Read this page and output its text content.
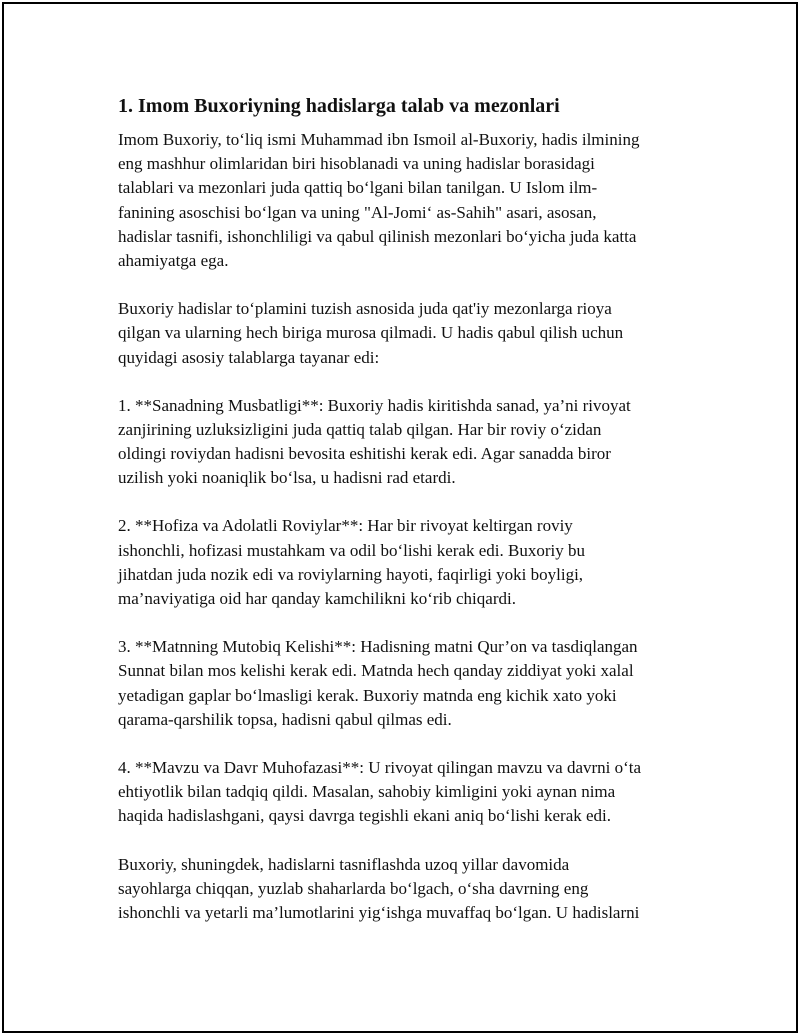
1. Imom Buxoriyning hadislarga talab va mezonlari
Imom Buxoriy, to‘liq ismi Muhammad ibn Ismoil al-Buxoriy, hadis ilmining
eng mashhur olimlaridan biri hisoblanadi va uning hadislar borasidagi
talablari va mezonlari juda qattiq bo‘lgani bilan tanilgan. U Islom ilm-
fanining asoschisi bo‘lgan va uning "Al-Jomi‘ as-Sahih" asari, asosan,
hadislar tasnifi, ishonchliligi va qabul qilinish mezonlari bo‘yicha juda katta
ahamiyatga ega.
Buxoriy hadislar to‘plamini tuzish asnosida juda qat'iy mezonlarga rioya
qilgan va ularning hech biriga murosa qilmadi. U hadis qabul qilish uchun
quyidagi asosiy talablarga tayanar edi:
1. **Sanadning Musbatligi**: Buxoriy hadis kiritishda sanad, ya’ni rivoyat
zanjirining uzluksizligini juda qattiq talab qilgan. Har bir roviy o‘zidan
oldingi roviydan hadisni bevosita eshitishi kerak edi. Agar sanadda biror
uzilish yoki noaniqlik bo‘lsa, u hadisni rad etardi.
2. **Hofiza va Adolatli Roviylar**: Har bir rivoyat keltirgan roviy
ishonchli, hofizasi mustahkam va odil bo‘lishi kerak edi. Buxoriy bu
jihatdan juda nozik edi va roviylarning hayoti, faqirligi yoki boyligi,
ma’naviyatiga oid har qanday kamchilikni ko‘rib chiqardi.
3. **Matnning Mutobiq Kelishi**: Hadisning matni Qur’on va tasdiqlangan
Sunnat bilan mos kelishi kerak edi. Matnda hech qanday ziddiyat yoki xalal
yetadigan gaplar bo‘lmasligi kerak. Buxoriy matnda eng kichik xato yoki
qarama-qarshilik topsa, hadisni qabul qilmas edi.
4. **Mavzu va Davr Muhofazasi**: U rivoyat qilingan mavzu va davrni o‘ta
ehtiyotlik bilan tadqiq qildi. Masalan, sahobiy kimligini yoki aynan nima
haqida hadislashgani, qaysi davrga tegishli ekani aniq bo‘lishi kerak edi.
Buxoriy, shuningdek, hadislarni tasniflashda uzoq yillar davomida
sayohlarga chiqqan, yuzlab shaharlarda bo‘lgach, o‘sha davrning eng
ishonchli va yetarli ma’lumotlarini yig‘ishga muvaffaq bo‘lgan. U hadislarni
